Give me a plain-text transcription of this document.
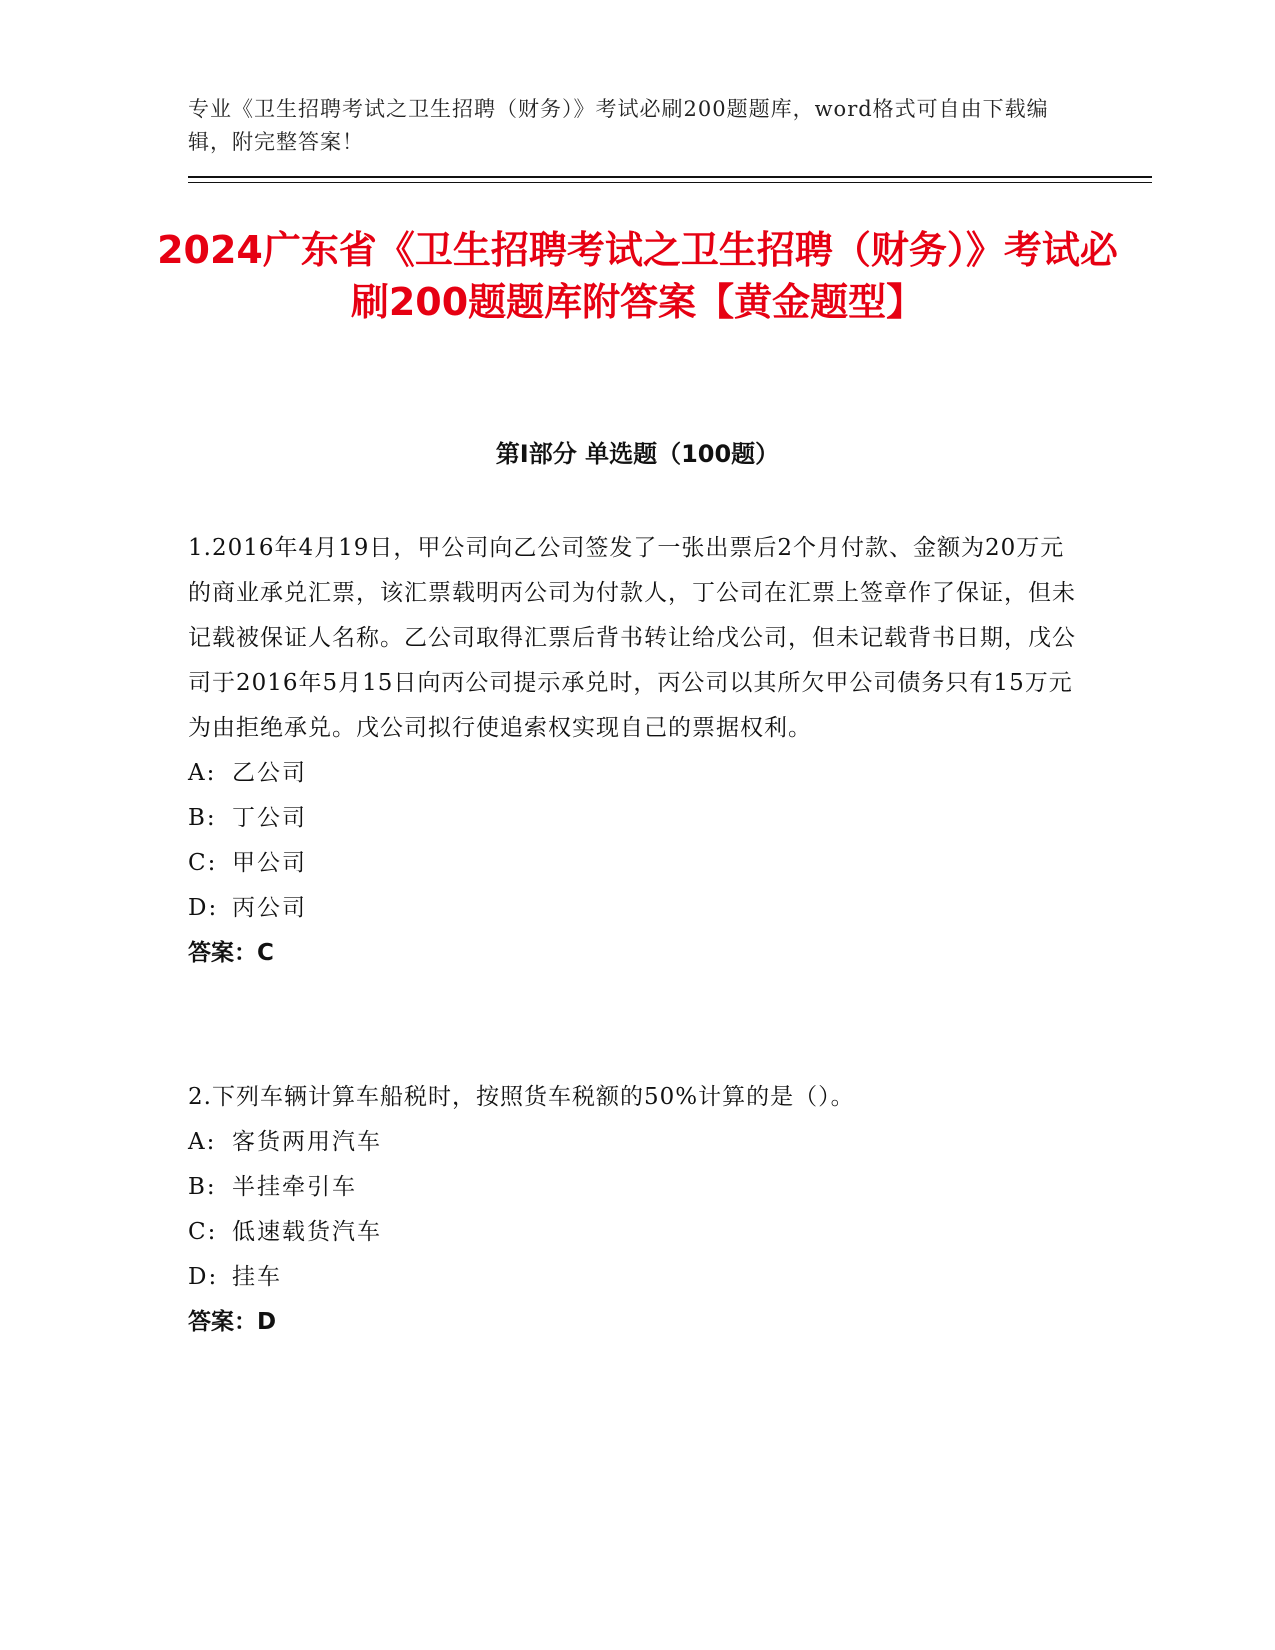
专业《卫生招聘考试之卫生招聘（财务）》考试必刷200题题库，word格式可自由下载编辑，附完整答案！

2024广东省《卫生招聘考试之卫生招聘（财务）》考试必刷200题题库附答案【黄金题型】
第Ⅰ部分 单选题（100题）

1.2016年4月19日，甲公司向乙公司签发了一张出票后2个月付款、金额为20万元的商业承兑汇票，该汇票载明丙公司为付款人，丁公司在汇票上签章作了保证，但未记载被保证人名称。乙公司取得汇票后背书转让给戊公司，但未记载背书日期，戊公司于2016年5月15日向丙公司提示承兑时，丙公司以其所欠甲公司债务只有15万元为由拒绝承兑。戊公司拟行使追索权实现自己的票据权利。

A: 乙公司
B: 丁公司
C: 甲公司
D: 丙公司

答案：C

2.下列车辆计算车船税时，按照货车税额的50%计算的是（）。

A: 客货两用汽车
B: 半挂牵引车
C: 低速载货汽车
D: 挂车

答案：D
